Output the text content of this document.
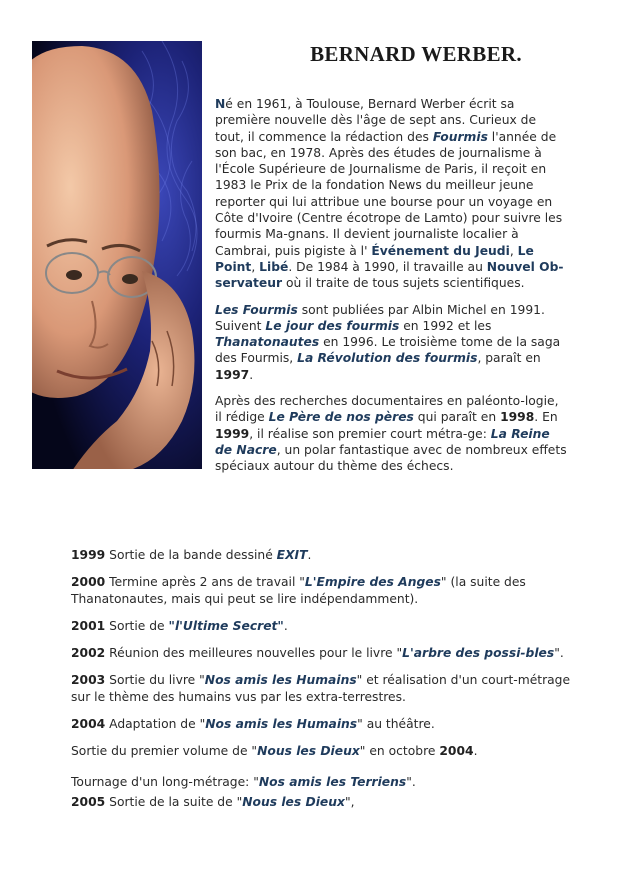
BERNARD WERBER.

Né en 1961, à Toulouse, Bernard Werber écrit sa première nouvelle dès l'âge de sept ans. Curieux de tout, il commence la rédaction des Fourmis l'année de son bac, en 1978. Après des études de journalisme à l'École Supérieure de Journalisme de Paris, il reçoit en 1983 le Prix de la fondation News du meilleur jeune reporter qui lui attribue une bourse pour un voyage en Côte d'Ivoire (Centre écotrope de Lamto) pour suivre les fourmis Ma-gnans. Il devient journaliste localier à Cambrai, puis pigiste à l' Événement du Jeudi, Le Point, Libé. De 1984 à 1990, il travaille au Nouvel Ob-servateur où il traite de tous sujets scientifiques.

Les Fourmis sont publiées par Albin Michel en 1991. Suivent Le jour des fourmis en 1992 et les Thanatonautes en 1996. Le troisième tome de la saga des Fourmis, La Révolution des fourmis, paraît en 1997.

Après des recherches documentaires en paléonto-logie, il rédige Le Père de nos pères qui paraît en 1998. En 1999, il réalise son premier court métra-ge: La Reine de Nacre, un polar fantastique avec de nombreux effets spéciaux autour du thème des échecs.

1999 Sortie de la bande dessiné EXIT.
2000 Termine après 2 ans de travail "L'Empire des Anges" (la suite des Thanatonautes, mais qui peut se lire indépendamment).
2001 Sortie de "l'Ultime Secret".
2002 Réunion des meilleures nouvelles pour le livre "L'arbre des possi-bles".
2003 Sortie du livre "Nos amis les Humains" et réalisation d'un court-métrage sur le thème des humains vus par les extra-terrestres.
2004 Adaptation de "Nos amis les Humains" au théâtre.
Sortie du premier volume de "Nous les Dieux" en octobre 2004.
Tournage d'un long-métrage: "Nos amis les Terriens".
2005 Sortie de la suite de "Nous les Dieux",
